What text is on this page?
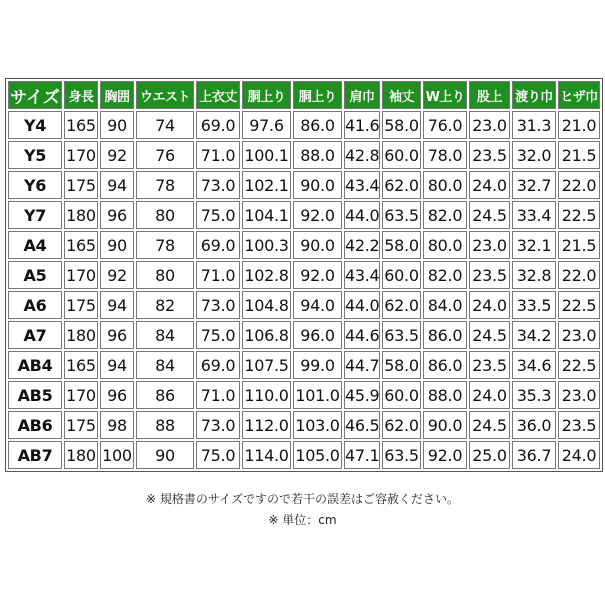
サイズ	身長	胸囲	ウエスト	上衣丈	胴上り	胴上り	肩巾	袖丈	W上り	股上	渡り巾	ヒザ巾
Y4	165	90	74	69.0	97.6	86.0	41.6	58.0	76.0	23.0	31.3	21.0
Y5	170	92	76	71.0	100.1	88.0	42.8	60.0	78.0	23.5	32.0	21.5
Y6	175	94	78	73.0	102.1	90.0	43.4	62.0	80.0	24.0	32.7	22.0
Y7	180	96	80	75.0	104.1	92.0	44.0	63.5	82.0	24.5	33.4	22.5
A4	165	90	78	69.0	100.3	90.0	42.2	58.0	80.0	23.0	32.1	21.5
A5	170	92	80	71.0	102.8	92.0	43.4	60.0	82.0	23.5	32.8	22.0
A6	175	94	82	73.0	104.8	94.0	44.0	62.0	84.0	24.0	33.5	22.5
A7	180	96	84	75.0	106.8	96.0	44.6	63.5	86.0	24.5	34.2	23.0
AB4	165	94	84	69.0	107.5	99.0	44.7	58.0	86.0	23.5	34.6	22.5
AB5	170	96	86	71.0	110.0	101.0	45.9	60.0	88.0	24.0	35.3	23.0
AB6	175	98	88	73.0	112.0	103.0	46.5	62.0	90.0	24.5	36.0	23.5
AB7	180	100	90	75.0	114.0	105.0	47.1	63.5	92.0	25.0	36.7	24.0
※ 規格書のサイズですので若干の誤差はご容赦ください。
※ 単位：cm
